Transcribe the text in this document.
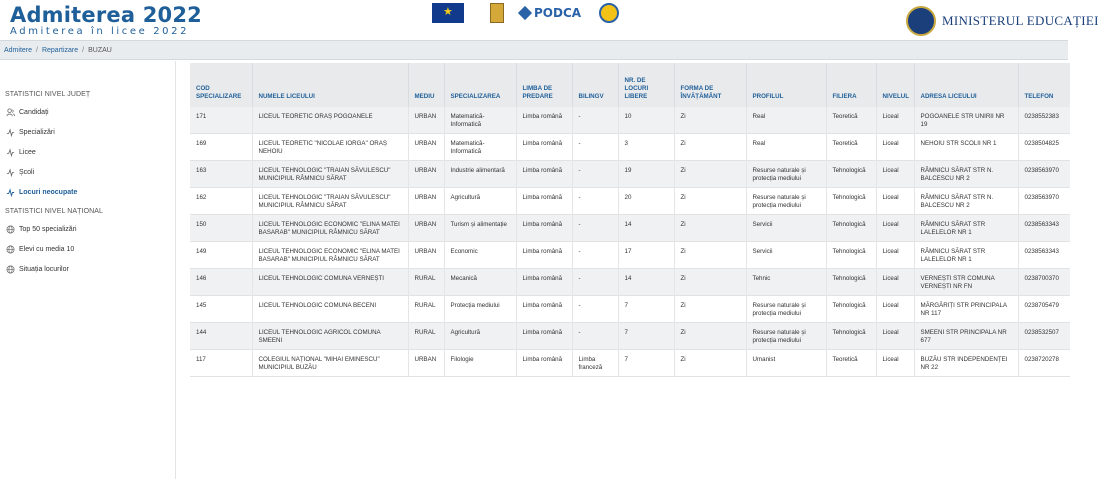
Admiterea 2022
Admiterea în licee 2022
★
PODCA	MINISTERUL EDUCAȚIEI
Admitere / Repartizare / BUZAU
STATISTICI NIVEL JUDEȚ
Candidați
Specializări
Licee
Școli
Locuri neocupate
STATISTICI NIVEL NAȚIONAL
Top 50 specializări
Elevi cu media 10
Situația locurilor
COD SPECIALIZARE	NUMELE LICEULUI	MEDIU	SPECIALIZAREA	LIMBA DE PREDARE	BILINGV	NR. DE LOCURI LIBERE	FORMA DE ÎNVĂȚĂMÂNT	PROFILUL	FILIERA	NIVELUL	ADRESA LICEULUI	TELEFON
171	LICEUL TEORETIC ORAȘ POGOANELE	URBAN	Matematică-Informatică	Limba română	-	10	Zi	Real	Teoretică	Liceal	POGOANELE STR UNIRII NR 19	0238552383
169	LICEUL TEORETIC "NICOLAE IORGA" ORAȘ NEHOIU	URBAN	Matematică-Informatică	Limba română	-	3	Zi	Real	Teoretică	Liceal	NEHOIU STR SCOLII NR 1	0238504825
163	LICEUL TEHNOLOGIC "TRAIAN SĂVULESCU" MUNICIPIUL RÂMNICU SĂRAT	URBAN	Industrie alimentară	Limba română	-	19	Zi	Resurse naturale și protecția mediului	Tehnologică	Liceal	RÂMNICU SĂRAT STR N. BALCESCU NR 2	0238563970
162	LICEUL TEHNOLOGIC "TRAIAN SĂVULESCU" MUNICIPIUL RÂMNICU SĂRAT	URBAN	Agricultură	Limba română	-	20	Zi	Resurse naturale și protecția mediului	Tehnologică	Liceal	RÂMNICU SĂRAT STR N. BALCESCU NR 2	0238563970
150	LICEUL TEHNOLOGIC ECONOMIC "ELINA MATEI BASARAB" MUNICIPIUL RÂMNICU SĂRAT	URBAN	Turism și alimentație	Limba română	-	14	Zi	Servicii	Tehnologică	Liceal	RÂMNICU SĂRAT STR LALELELOR NR 1	0238563343
149	LICEUL TEHNOLOGIC ECONOMIC "ELINA MATEI BASARAB" MUNICIPIUL RÂMNICU SĂRAT	URBAN	Economic	Limba română	-	17	Zi	Servicii	Tehnologică	Liceal	RÂMNICU SĂRAT STR LALELELOR NR 1	0238563343
146	LICEUL TEHNOLOGIC COMUNA VERNEȘTI	RURAL	Mecanică	Limba română	-	14	Zi	Tehnic	Tehnologică	Liceal	VERNEȘTI STR COMUNA VERNEȘTI NR FN	0238700370
145	LICEUL TEHNOLOGIC COMUNA BECENI	RURAL	Protecția mediului	Limba română	-	7	Zi	Resurse naturale și protecția mediului	Tehnologică	Liceal	MĂRGĂRIȚI STR PRINCIPALA NR 117	0238705479
144	LICEUL TEHNOLOGIC AGRICOL COMUNA SMEENI	RURAL	Agricultură	Limba română	-	7	Zi	Resurse naturale și protecția mediului	Tehnologică	Liceal	SMEENI STR PRINCIPALA NR 677	0238532507
117	COLEGIUL NAȚIONAL "MIHAI EMINESCU" MUNICIPIUL BUZĂU	URBAN	Filologie	Limba română	Limba franceză	7	Zi	Umanist	Teoretică	Liceal	BUZĂU STR INDEPENDENȚEI NR 22	0238720278
